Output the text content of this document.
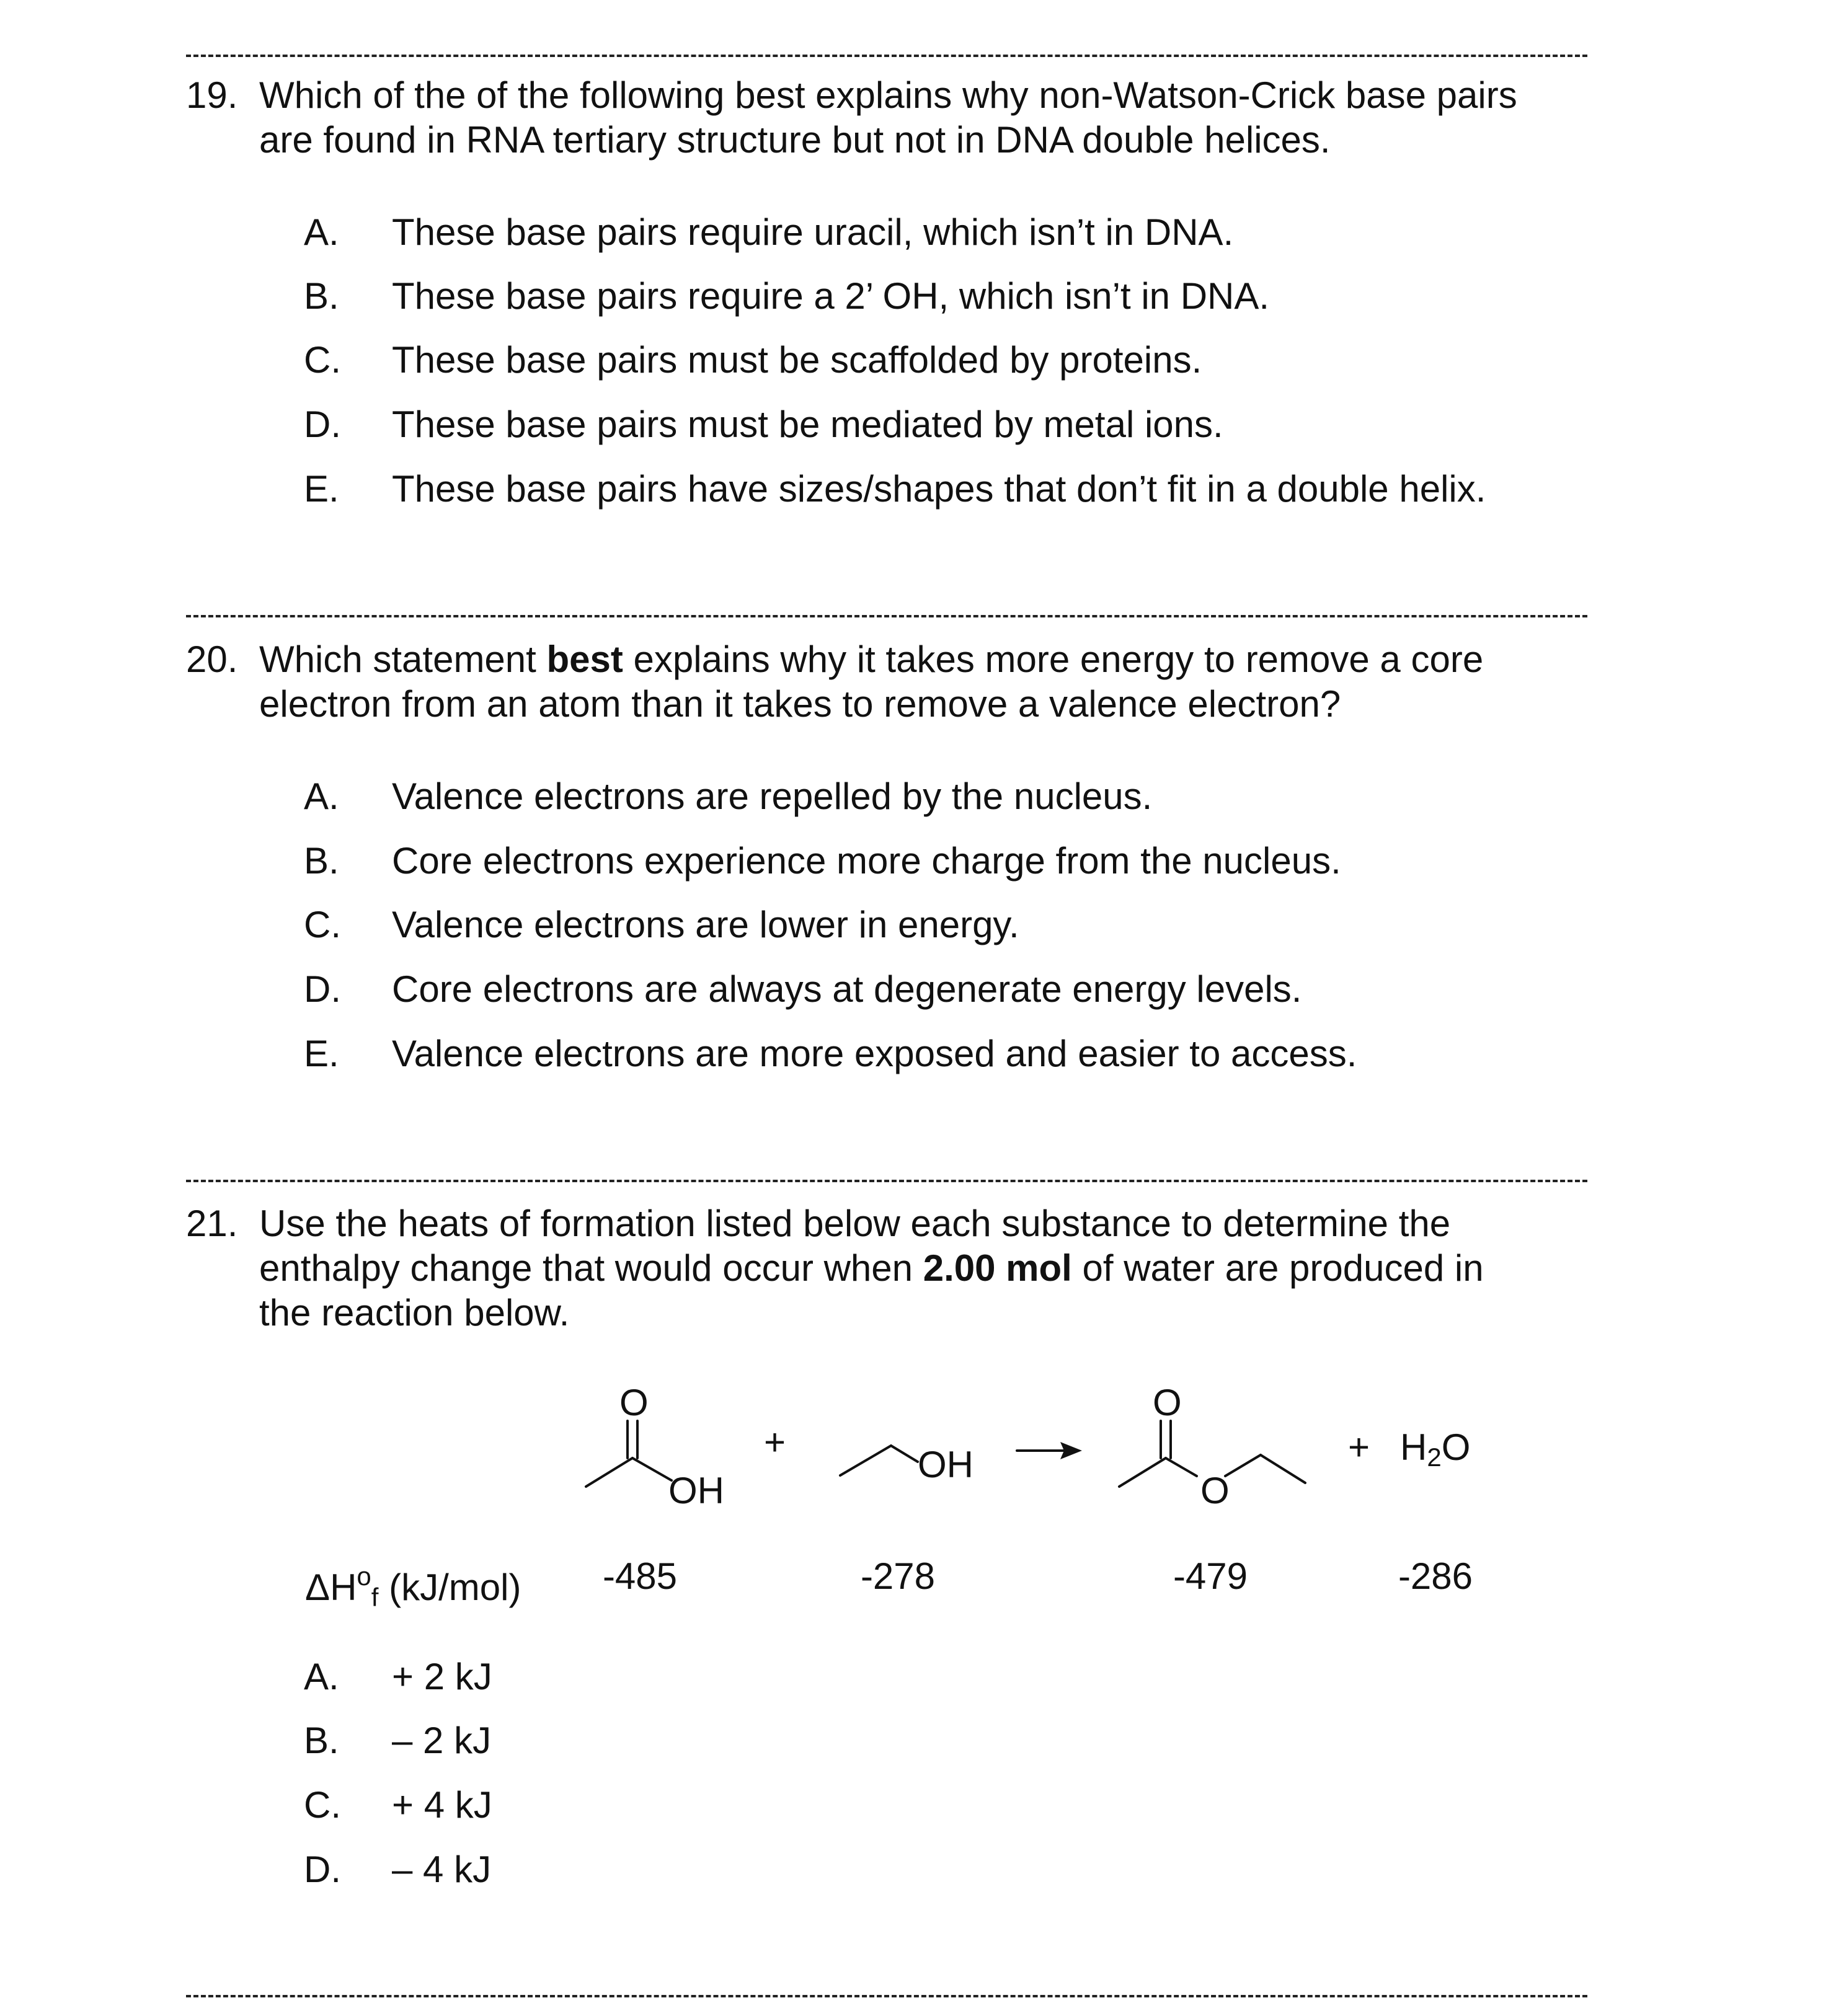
19. Which of the of the following best explains why non-Watson-Crick base pairs
are found in RNA tertiary structure but not in DNA double helices.
A. These base pairs require uracil, which isn’t in DNA.
B. These base pairs require a 2’ OH, which isn’t in DNA.
C. These base pairs must be scaffolded by proteins.
D. These base pairs must be mediated by metal ions.
E. These base pairs have sizes/shapes that don’t fit in a double helix.
20. Which statement best explains why it takes more energy to remove a core
electron from an atom than it takes to remove a valence electron?
A. Valence electrons are repelled by the nucleus.
B. Core electrons experience more charge from the nucleus.
C. Valence electrons are lower in energy.
D. Core electrons are always at degenerate energy levels.
E. Valence electrons are more exposed and easier to access.
21. Use the heats of formation listed below each substance to determine the
enthalpy change that would occur when 2.00 mol of water are produced in
the reaction below.
O
OH
+
OH
O
O
+ $H_2O$
$\Delta H^o_f$ (kJ/mol)	-485	-278	-479	-286
A. + 2 kJ
B. – 2 kJ
C. + 4 kJ
D. – 4 kJ
